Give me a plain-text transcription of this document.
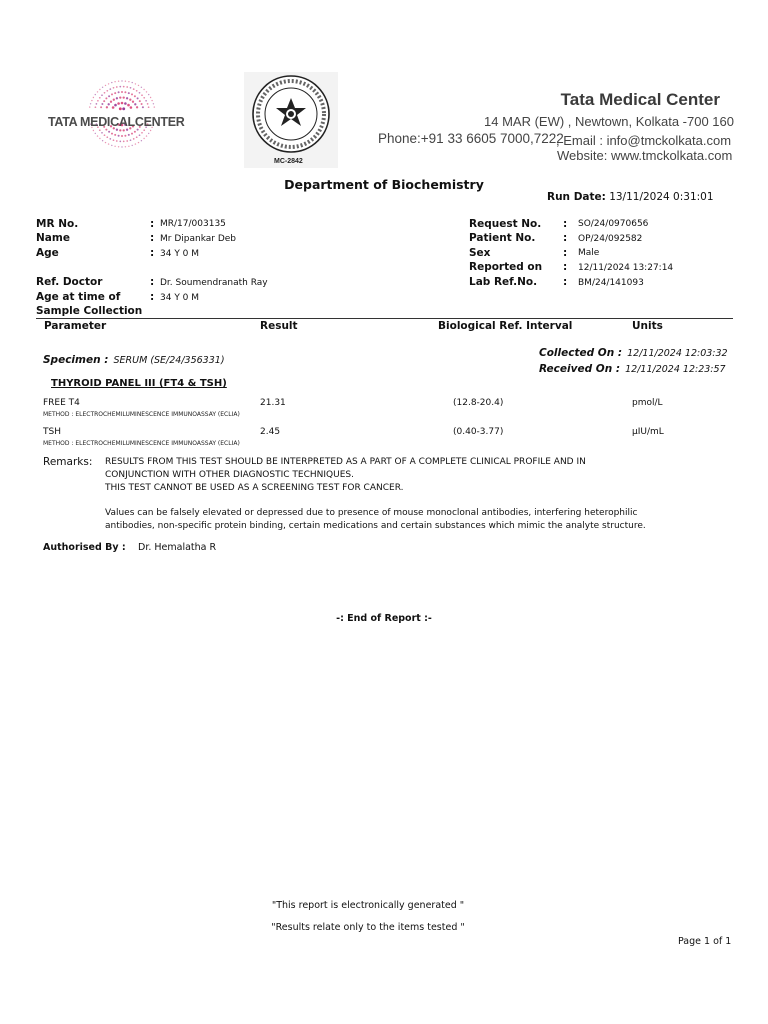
TATA MEDICALCENTER
MC-2842
Tata Medical Center
14 MAR (EW) , Newtown, Kolkata -700 160
Phone:+91 33 6605 7000,7222
, Email : info@tmckolkata.com
Website: www.tmckolkata.com
Department of Biochemistry
Run Date: 13/11/2024 0:31:01
MR No.	: MR/17/003135
Name	: Mr Dipankar Deb
Age	: 34 Y 0 M
Ref. Doctor	: Dr. Soumendranath Ray
Age at time of	: 34 Y 0 M
Sample Collection
Request No. : SO/24/0970656
Patient No.	: OP/24/092582
Sex	: Male
Reported on : 12/11/2024 13:27:14
Lab Ref.No. : BM/24/141093
Parameter	Result	Biological Ref. Interval	Units
Specimen : SERUM (SE/24/356331)
Collected On : 12/11/2024 12:03:32
Received On : 12/11/2024 12:23:57
THYROID PANEL III (FT4 & TSH)
FREE T4
METHOD : ELECTROCHEMILUMINESCENCE IMMUNOASSAY (ECLIA)
21.31	(12.8-20.4)	pmol/L
TSH
METHOD : ELECTROCHEMILUMINESCENCE IMMUNOASSAY (ECLIA)
2.45	(0.40-3.77)	µIU/mL
Remarks: RESULTS FROM THIS TEST SHOULD BE INTERPRETED AS A PART OF A COMPLETE CLINICAL PROFILE AND IN
CONJUNCTION WITH OTHER DIAGNOSTIC TECHNIQUES.
THIS TEST CANNOT BE USED AS A SCREENING TEST FOR CANCER.
Values can be falsely elevated or depressed due to presence of mouse monoclonal antibodies, interfering heterophilic
antibodies, non-specific protein binding, certain medications and certain substances which mimic the analyte structure.
Authorised By : Dr. Hemalatha R
-: End of Report :-
"This report is electronically generated "
"Results relate only to the items tested "
Page 1 of 1
